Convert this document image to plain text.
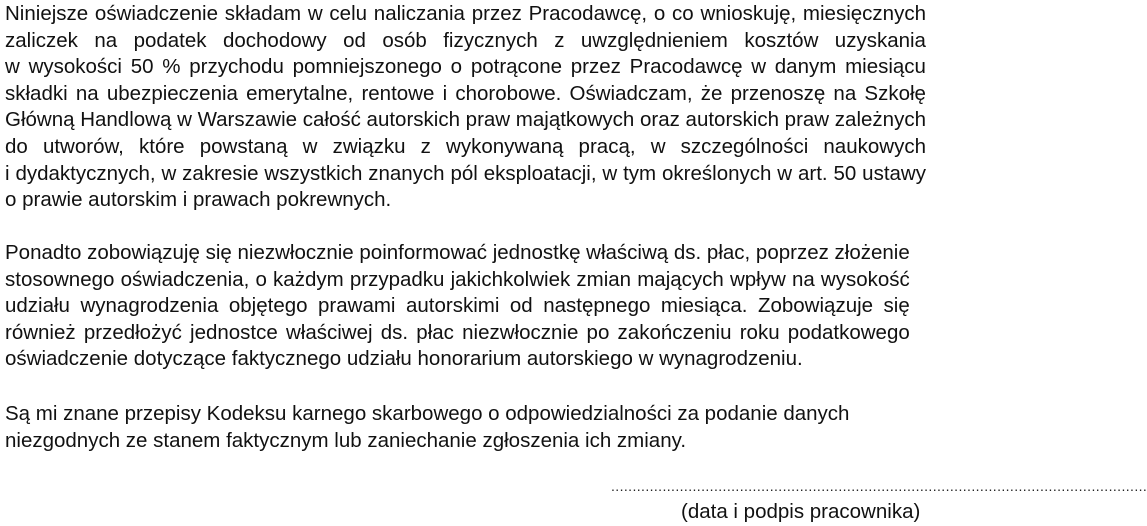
Niniejsze oświadczenie składam w celu naliczania przez Pracodawcę, o co wnioskuję, miesięcznych
zaliczek na podatek dochodowy od osób fizycznych z uwzględnieniem kosztów uzyskania
w wysokości 50 % przychodu pomniejszonego o potrącone przez Pracodawcę w danym miesiącu
składki na ubezpieczenia emerytalne, rentowe i chorobowe. Oświadczam, że przenoszę na Szkołę
Główną Handlową w Warszawie całość autorskich praw majątkowych oraz autorskich praw zależnych
do utworów, które powstaną w związku z wykonywaną pracą, w szczególności naukowych
i dydaktycznych, w zakresie wszystkich znanych pól eksploatacji, w tym określonych w art. 50 ustawy
o prawie autorskim i prawach pokrewnych.
Ponadto zobowiązuję się niezwłocznie poinformować jednostkę właściwą ds. płac, poprzez złożenie
stosownego oświadczenia, o każdym przypadku jakichkolwiek zmian mających wpływ na wysokość
udziału wynagrodzenia objętego prawami autorskimi od następnego miesiąca. Zobowiązuje się
również przedłożyć jednostce właściwej ds. płac niezwłocznie po zakończeniu roku podatkowego
oświadczenie dotyczące faktycznego udziału honorarium autorskiego w wynagrodzeniu.
Są mi znane przepisy Kodeksu karnego skarbowego o odpowiedzialności za podanie danych
niezgodnych ze stanem faktycznym lub zaniechanie zgłoszenia ich zmiany.
.............................................................................................................................
(data i podpis pracownika)
